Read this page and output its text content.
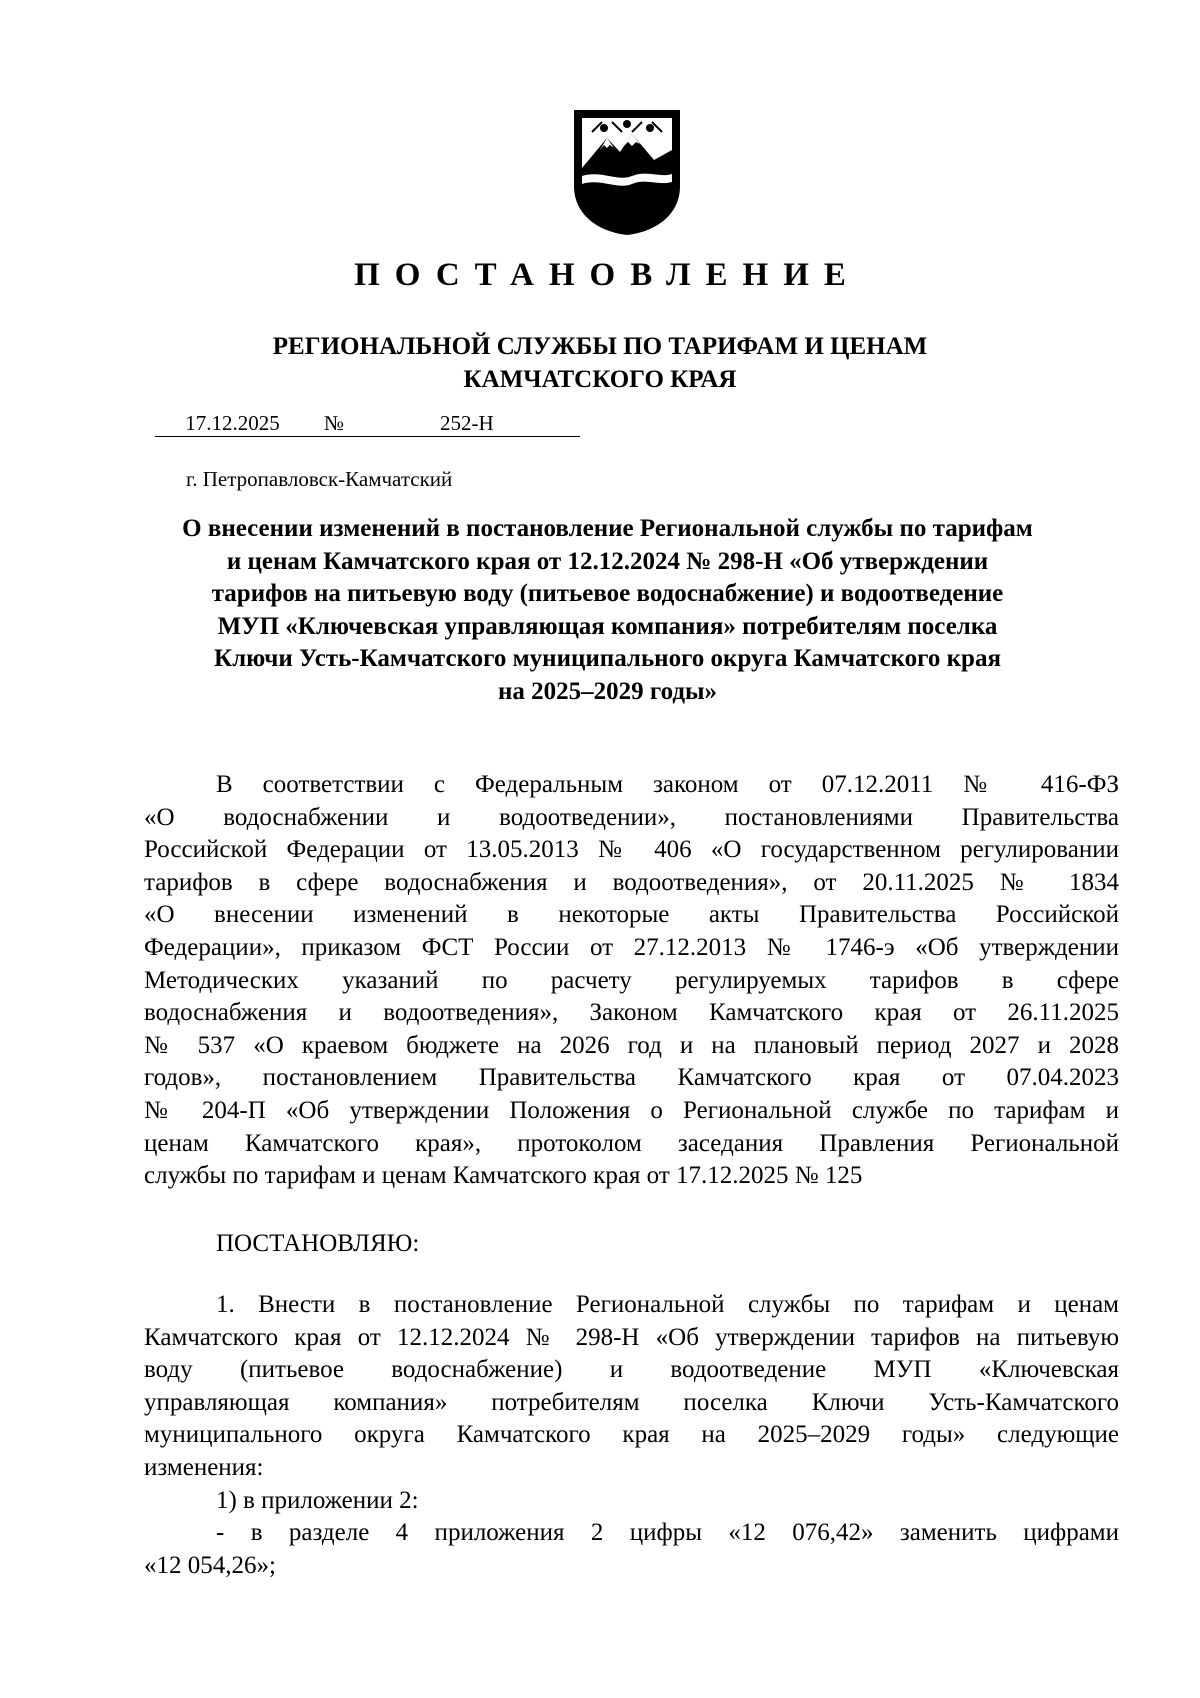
ПОСТАНОВЛЕНИЕ
РЕГИОНАЛЬНОЙ СЛУЖБЫ ПО ТАРИФАМ И ЦЕНАМ
КАМЧАТСКОГО КРАЯ
17.12.2025	№	252-Н
г. Петропавловск-Камчатский
О внесении изменений в постановление Региональной службы по тарифам
и ценам Камчатского края от 12.12.2024 № 298-Н «Об утверждении
тарифов на питьевую воду (питьевое водоснабжение) и водоотведение
МУП «Ключевская управляющая компания» потребителям поселка
Ключи Усть-Камчатского муниципального округа Камчатского края
на 2025–2029 годы»
В соответствии с Федеральным законом от 07.12.2011 № 416-ФЗ
«О водоснабжении и водоотведении», постановлениями Правительства
Российской Федерации от 13.05.2013 № 406 «О государственном регулировании
тарифов в сфере водоснабжения и водоотведения», от 20.11.2025 № 1834
«О внесении изменений в некоторые акты Правительства Российской
Федерации», приказом ФСТ России от 27.12.2013 № 1746-э «Об утверждении
Методических указаний по расчету регулируемых тарифов в сфере
водоснабжения и водоотведения», Законом Камчатского края от 26.11.2025
№ 537 «О краевом бюджете на 2026 год и на плановый период 2027 и 2028
годов», постановлением Правительства Камчатского края от 07.04.2023
№ 204-П «Об утверждении Положения о Региональной службе по тарифам и
ценам Камчатского края», протоколом заседания Правления Региональной
службы по тарифам и ценам Камчатского края от 17.12.2025 № 125
ПОСТАНОВЛЯЮ:
1. Внести в постановление Региональной службы по тарифам и ценам
Камчатского края от 12.12.2024 № 298-Н «Об утверждении тарифов на питьевую
воду (питьевое водоснабжение) и водоотведение МУП «Ключевская
управляющая компания» потребителям поселка Ключи Усть-Камчатского
муниципального округа Камчатского края на 2025–2029 годы» следующие
изменения:
1) в приложении 2:
- в разделе 4 приложения 2 цифры «12 076,42» заменить цифрами
«12 054,26»;
